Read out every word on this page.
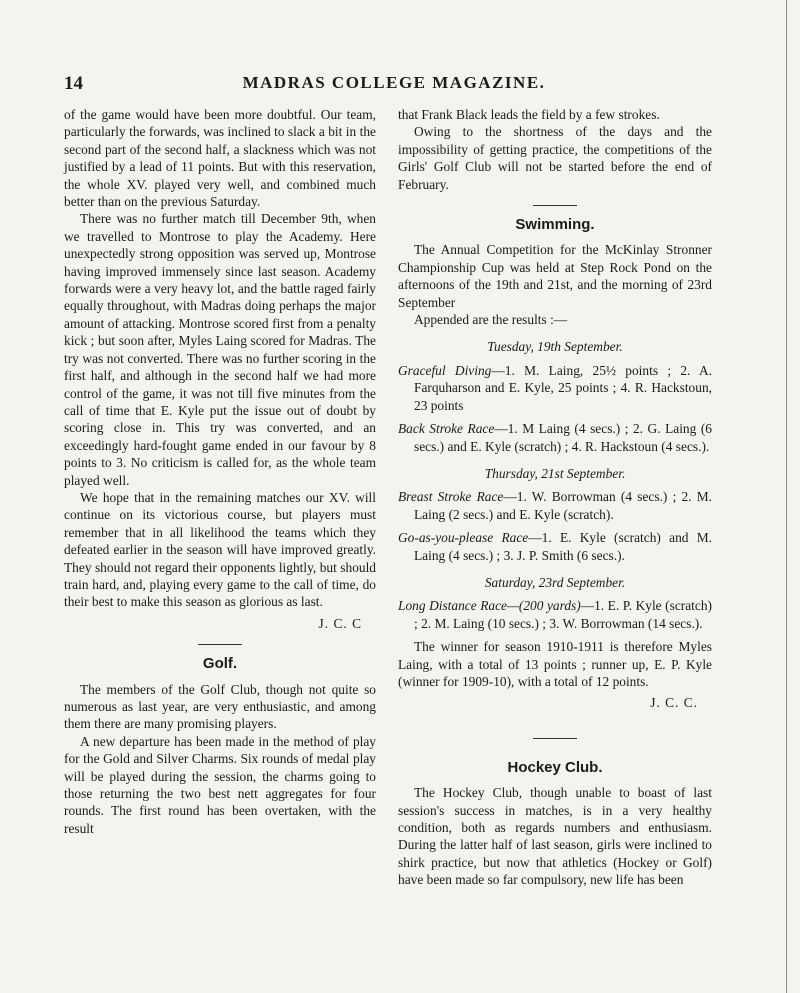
14	MADRAS COLLEGE MAGAZINE.

of the game would have been more doubtful. Our team, particularly the forwards, was inclined to slack a bit in the second part of the second half, a slackness which was not justified by a lead of 11 points. But with this reservation, the whole XV. played very well, and combined much better than on the previous Saturday.

There was no further match till December 9th, when we travelled to Montrose to play the Academy. Here unexpectedly strong opposition was served up, Montrose having improved immensely since last season. Academy forwards were a very heavy lot, and the battle raged fairly equally throughout, with Madras doing perhaps the major amount of attacking. Montrose scored first from a penalty kick ; but soon after, Myles Laing scored for Madras. The try was not converted. There was no further scoring in the first half, and although in the second half we had more control of the game, it was not till five minutes from the call of time that E. Kyle put the issue out of doubt by scoring close in. This try was converted, and an exceedingly hard-fought game ended in our favour by 8 points to 3. No criticism is called for, as the whole team played well.

We hope that in the remaining matches our XV. will continue on its victorious course, but players must remember that in all likelihood the teams which they defeated earlier in the season will have improved greatly. They should not regard their opponents lightly, but should train hard, and, playing every game to the call of time, do their best to make this season as glorious as last.

J. C. C
Golf.

The members of the Golf Club, though not quite so numerous as last year, are very enthusiastic, and among them there are many promising players.

A new departure has been made in the method of play for the Gold and Silver Charms. Six rounds of medal play will be played during the session, the charms going to those returning the two best nett aggregates for four rounds. The first round has been overtaken, with the result

that Frank Black leads the field by a few strokes.

Owing to the shortness of the days and the impossibility of getting practice, the competitions of the Girls' Golf Club will not be started before the end of February.

Swimming.

The Annual Competition for the McKinlay Stronner Championship Cup was held at Step Rock Pond on the afternoons of the 19th and 21st, and the morning of 23rd September

Appended are the results :—

Tuesday, 19th September.

Graceful Diving—1. M. Laing, 25½ points ; 2. A. Farquharson and E. Kyle, 25 points ; 4. R. Hackstoun, 23 points

Back Stroke Race—1. M Laing (4 secs.) ; 2. G. Laing (6 secs.) and E. Kyle (scratch) ; 4. R. Hackstoun (4 secs.).

Thursday, 21st September.

Breast Stroke Race—1. W. Borrowman (4 secs.) ; 2. M. Laing (2 secs.) and E. Kyle (scratch).

Go-as-you-please Race—1. E. Kyle (scratch) and M. Laing (4 secs.) ; 3. J. P. Smith (6 secs.).

Saturday, 23rd September.

Long Distance Race—(200 yards)—1. E. P. Kyle (scratch) ; 2. M. Laing (10 secs.) ; 3. W. Borrowman (14 secs.).

The winner for season 1910-1911 is therefore Myles Laing, with a total of 13 points ; runner up, E. P. Kyle (winner for 1909-10), with a total of 12 points.

J. C. C.
Hockey Club.

The Hockey Club, though unable to boast of last session's success in matches, is in a very healthy condition, both as regards numbers and enthusiasm. During the latter half of last season, girls were inclined to shirk practice, but now that athletics (Hockey or Golf) have been made so far compulsory, new life has been
